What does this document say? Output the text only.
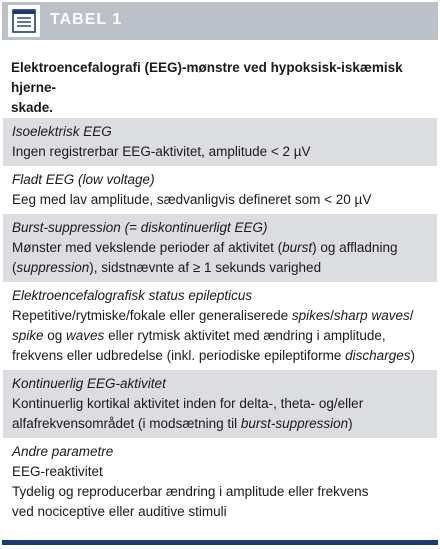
TABEL 1
Elektroencefalografi (EEG)-mønstre ved hypoksisk-iskæmisk hjerne-
skade.
Isoelektrisk EEG
Ingen registrerbar EEG-aktivitet, amplitude < 2 µV
Fladt EEG (low voltage)
Eeg med lav amplitude, sædvanligvis defineret som < 20 µV
Burst-suppression (= diskontinuerligt EEG)
Mønster med vekslende perioder af aktivitet (burst) og affladning
(suppression), sidstnævnte af ≥ 1 sekunds varighed
Elektroencefalografisk status epilepticus
Repetitive/rytmiske/fokale eller generaliserede spikes/sharp waves/
spike og waves eller rytmisk aktivitet med ændring i amplitude,
frekvens eller udbredelse (inkl. periodiske epileptiforme discharges)
Kontinuerlig EEG-aktivitet
Kontinuerlig kortikal aktivitet inden for delta-, theta- og/eller
alfafrekvensområdet (i modsætning til burst-suppression)
Andre parametre
EEG-reaktivitet
Tydelig og reproducerbar ændring i amplitude eller frekvens
ved nociceptive eller auditive stimuli
